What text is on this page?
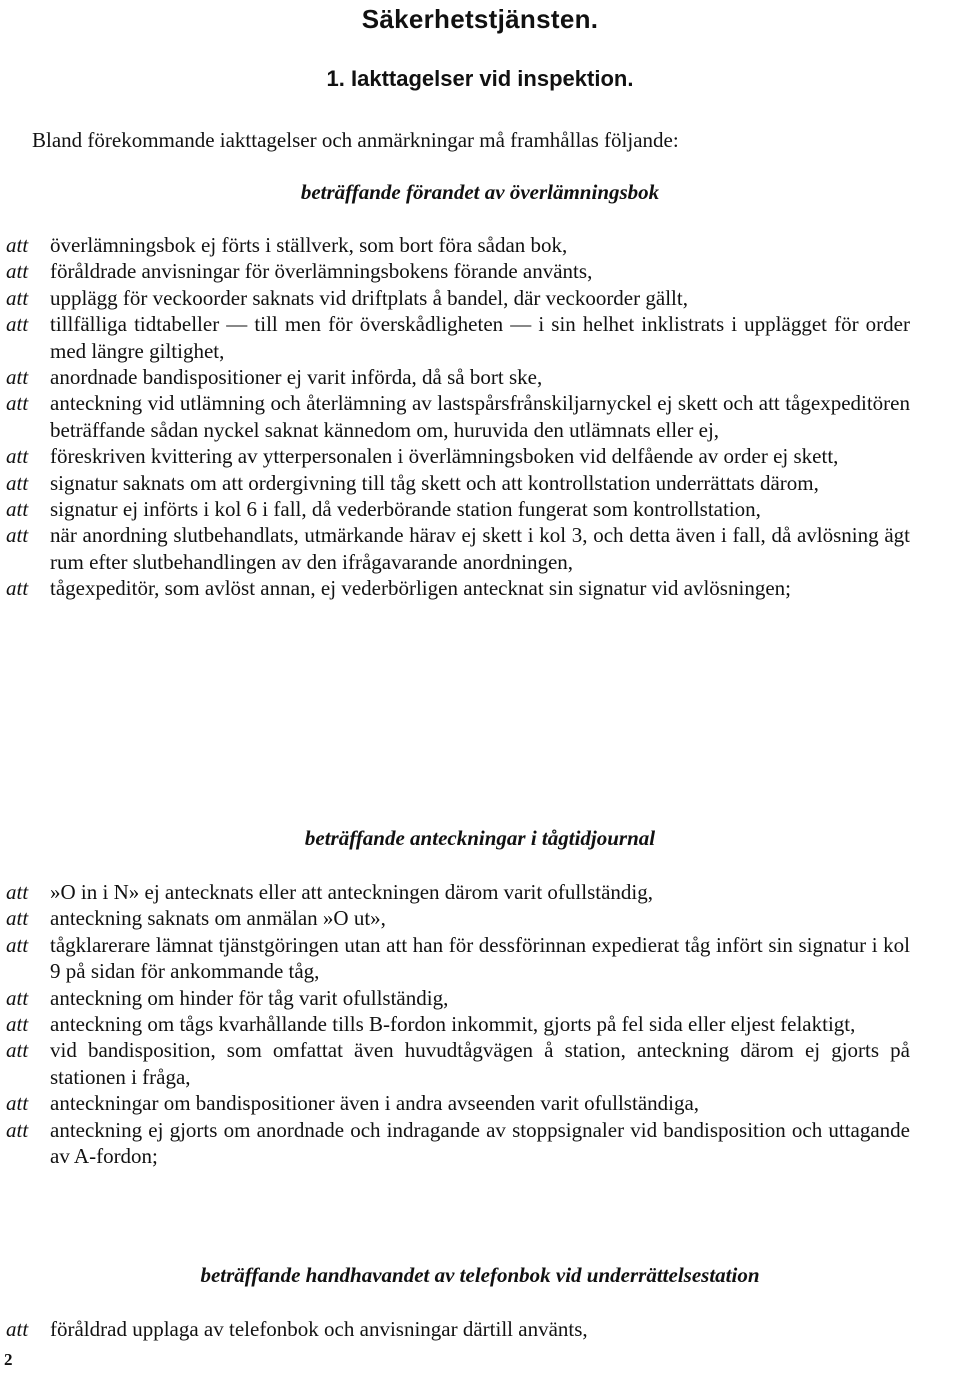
Säkerhetstjänsten.
1. Iakttagelser vid inspektion.

Bland förekommande iakttagelser och anmärkningar må framhållas följande:

beträffande förandet av överlämningsbok
att överlämningsbok ej förts i ställverk, som bort föra sådan bok,
att föråldrade anvisningar för överlämningsbokens förande använts,
att upplägg för veckoorder saknats vid driftplats å bandel, där veckoorder gällt,
att tillfälliga tidtabeller — till men för överskådligheten — i sin helhet inklistrats i upplägget för order med längre giltighet,
att anordnade bandispositioner ej varit införda, då så bort ske,
att anteckning vid utlämning och återlämning av lastspårsfrånskiljarnyckel ej skett och att tågexpeditören beträffande sådan nyckel saknat kännedom om, huruvida den utlämnats eller ej,
att föreskriven kvittering av ytterpersonalen i överlämningsboken vid delfående av order ej skett,
att signatur saknats om att ordergivning till tåg skett och att kontrollstation underrättats därom,
att signatur ej införts i kol 6 i fall, då vederbörande station fungerat som kontrollstation,
att när anordning slutbehandlats, utmärkande härav ej skett i kol 3, och detta även i fall, då avlösning ägt rum efter slutbehandlingen av den ifrågavarande anordningen,
att tågexpeditör, som avlöst annan, ej vederbörligen antecknat sin signatur vid avlösningen;
beträffande anteckningar i tågtidjournal
att »O in i N» ej antecknats eller att anteckningen därom varit ofullständig,
att anteckning saknats om anmälan »O ut»,
att tågklarerare lämnat tjänstgöringen utan att han för dessförinnan expedierat tåg infört sin signatur i kol 9 på sidan för ankommande tåg,
att anteckning om hinder för tåg varit ofullständig,
att anteckning om tågs kvarhållande tills B-fordon inkommit, gjorts på fel sida eller eljest felaktigt,
att vid bandisposition, som omfattat även huvudtågvägen å station, anteckning därom ej gjorts på stationen i fråga,
att anteckningar om bandispositioner även i andra avseenden varit ofullständiga,
att anteckning ej gjorts om anordnade och indragande av stoppsignaler vid bandisposition och uttagande av A-fordon;
beträffande handhavandet av telefonbok vid underrättelsestation
att föråldrad upplaga av telefonbok och anvisningar därtill använts,
2
